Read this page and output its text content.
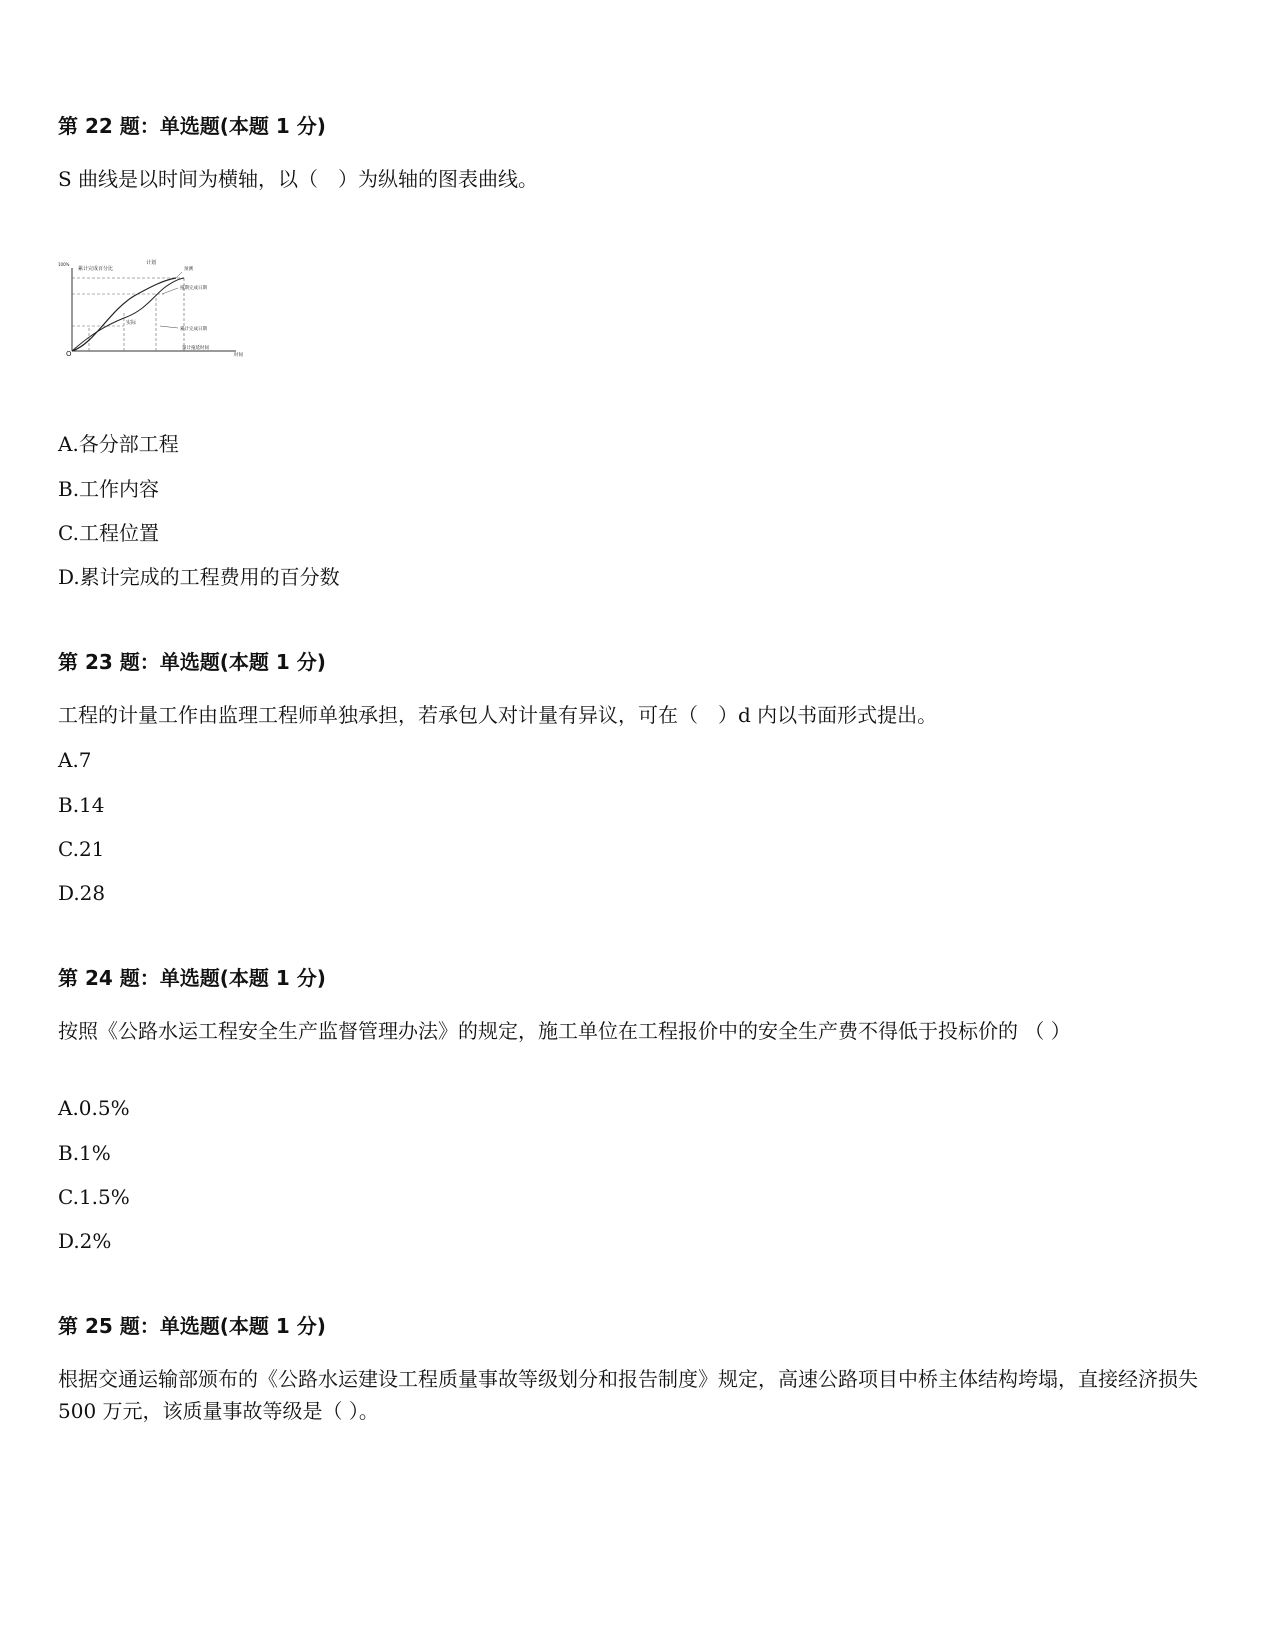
第 22 题：单选题(本题 1 分)
S 曲线是以时间为横轴，以（　）为纵轴的图表曲线。
累计完成百分比
100%	计划
预测
拖期完成日期
累计完成日期
实际
O	时间
预计拖延时间
A.各分部工程
B.工作内容
C.工程位置
D.累计完成的工程费用的百分数
第 23 题：单选题(本题 1 分)
工程的计量工作由监理工程师单独承担，若承包人对计量有异议，可在（　）d 内以书面形式提出。
A.7
B.14
C.21
D.28
第 24 题：单选题(本题 1 分)
按照《公路水运工程安全生产监督管理办法》的规定，施工单位在工程报价中的安全生产费不得低于投标价的 （ ）
A.0.5%
B.1%
C.1.5%
D.2%
第 25 题：单选题(本题 1 分)
根据交通运输部颁布的《公路水运建设工程质量事故等级划分和报告制度》规定，高速公路项目中桥主体结构垮塌，直接经济损失 500 万元，该质量事故等级是（ ）。
